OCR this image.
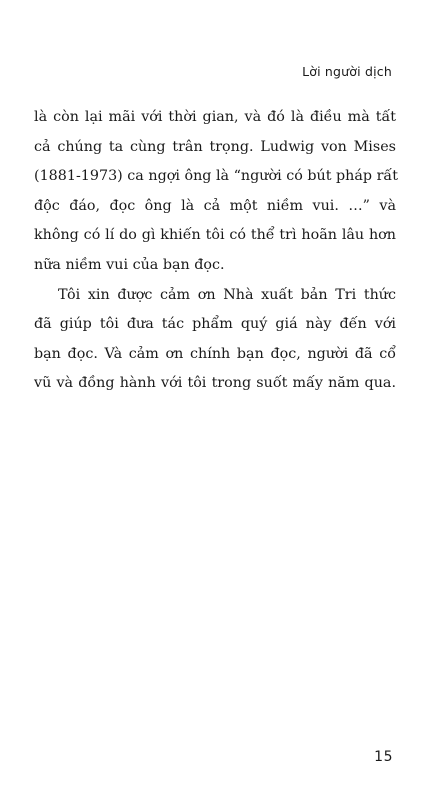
Lời người dịch

là còn lại mãi với thời gian, và đó là điều mà tất
cả chúng ta cùng trân trọng. Ludwig von Mises
(1881-1973) ca ngợi ông là “người có bút pháp rất
độc đáo, đọc ông là cả một niềm vui. …” và
không có lí do gì khiến tôi có thể trì hoãn lâu hơn
nữa niềm vui của bạn đọc.

Tôi xin được cảm ơn Nhà xuất bản Tri thức
đã giúp tôi đưa tác phẩm quý giá này đến với
bạn đọc. Và cảm ơn chính bạn đọc, người đã cổ
vũ và đồng hành với tôi trong suốt mấy năm qua.

15
